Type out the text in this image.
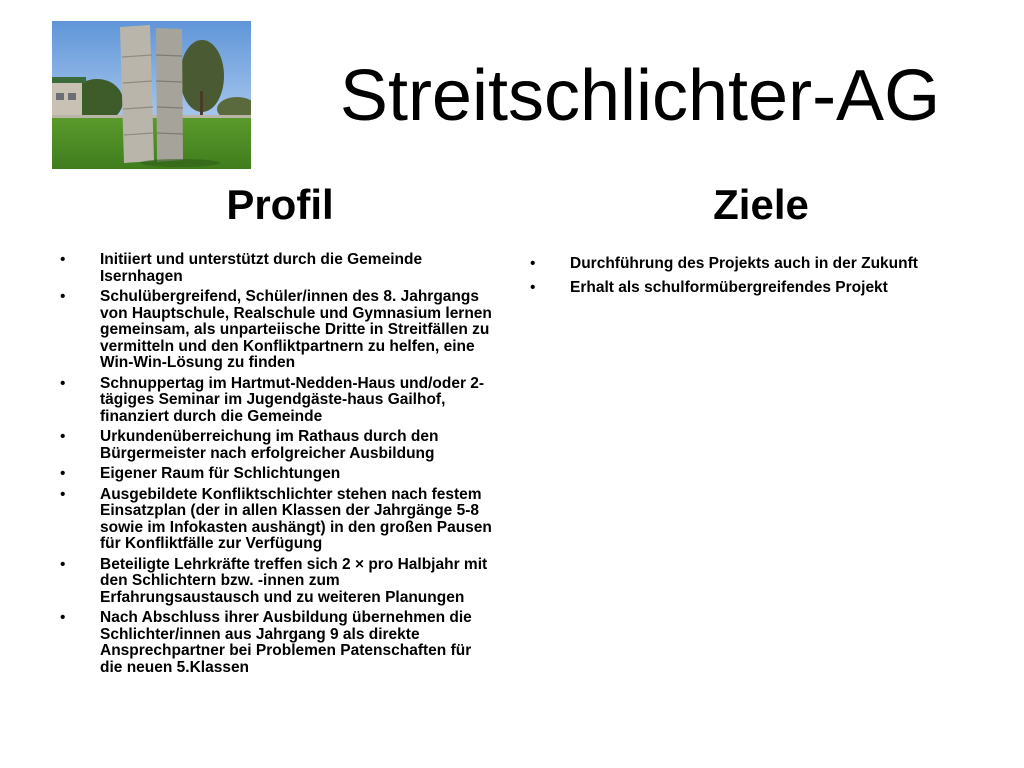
Streitschlichter-AG
Profil	Ziele
• Initiiert und unterstützt durch die Gemeinde Isernhagen
• Schulübergreifend, Schüler/innen des 8. Jahrgangs von Hauptschule, Realschule und Gymnasium lernen gemeinsam, als unparteiische Dritte in Streitfällen zu vermitteln und den Konfliktpartnern zu helfen, eine Win-Win-Lösung zu finden
• Schnuppertag im Hartmut-Nedden-Haus und/oder 2-tägiges Seminar im Jugendgäste-haus Gailhof, finanziert durch die Gemeinde
• Urkundenüberreichung im Rathaus durch den Bürgermeister nach erfolgreicher Ausbildung
• Eigener Raum für Schlichtungen
• Ausgebildete Konfliktschlichter stehen nach festem Einsatzplan (der in allen Klassen der Jahrgänge 5-8 sowie im Infokasten aushängt) in den großen Pausen für Konfliktfälle zur Verfügung
• Beteiligte Lehrkräfte treffen sich 2 × pro Halbjahr mit den Schlichtern bzw. -innen zum Erfahrungsaustausch und zu weiteren Planungen
• Nach Abschluss ihrer Ausbildung übernehmen die Schlichter/innen aus Jahrgang 9 als direkte Ansprechpartner bei Problemen Patenschaften für die neuen 5.Klassen
• Durchführung des Projekts auch in der Zukunft
• Erhalt als schulformübergreifendes Projekt
